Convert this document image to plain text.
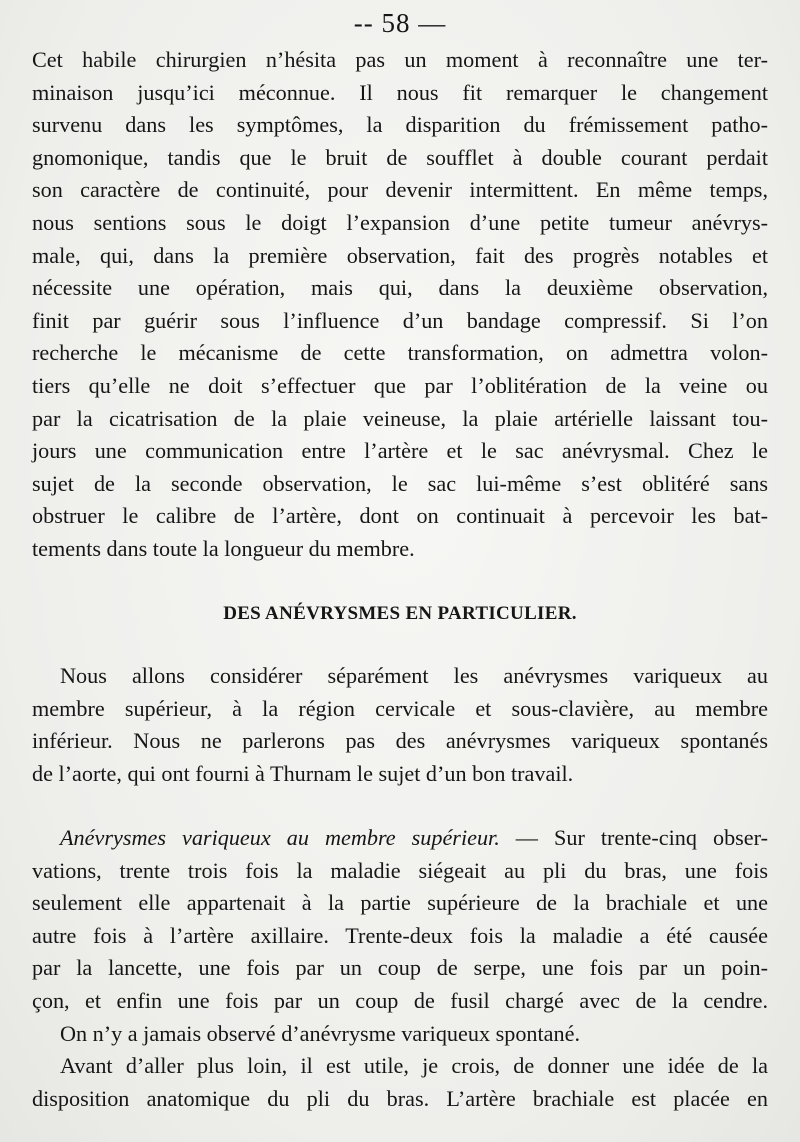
-- 58 —
Cet habile chirurgien n’hésita pas un moment à reconnaître une ter-
minaison jusqu’ici méconnue. Il nous fit remarquer le changement
survenu dans les symptômes, la disparition du frémissement patho-
gnomonique, tandis que le bruit de soufflet à double courant perdait
son caractère de continuité, pour devenir intermittent. En même temps,
nous sentions sous le doigt l’expansion d’une petite tumeur anévrys-
male, qui, dans la première observation, fait des progrès notables et
nécessite une opération, mais qui, dans la deuxième observation,
finit par guérir sous l’influence d’un bandage compressif. Si l’on
recherche le mécanisme de cette transformation, on admettra volon-
tiers qu’elle ne doit s’effectuer que par l’oblitération de la veine ou
par la cicatrisation de la plaie veineuse, la plaie artérielle laissant tou-
jours une communication entre l’artère et le sac anévrysmal. Chez le
sujet de la seconde observation, le sac lui-même s’est oblitéré sans
obstruer le calibre de l’artère, dont on continuait à percevoir les bat-
tements dans toute la longueur du membre.
DES ANÉVRYSMES EN PARTICULIER.
Nous allons considérer séparément les anévrysmes variqueux au
membre supérieur, à la région cervicale et sous-clavière, au membre
inférieur. Nous ne parlerons pas des anévrysmes variqueux spontanés
de l’aorte, qui ont fourni à Thurnam le sujet d’un bon travail.
Anévrysmes variqueux au membre supérieur. — Sur trente-cinq obser-
vations, trente trois fois la maladie siégeait au pli du bras, une fois
seulement elle appartenait à la partie supérieure de la brachiale et une
autre fois à l’artère axillaire. Trente-deux fois la maladie a été causée
par la lancette, une fois par un coup de serpe, une fois par un poin-
çon, et enfin une fois par un coup de fusil chargé avec de la cendre.
On n’y a jamais observé d’anévrysme variqueux spontané.
Avant d’aller plus loin, il est utile, je crois, de donner une idée de la
disposition anatomique du pli du bras. L’artère brachiale est placée en
